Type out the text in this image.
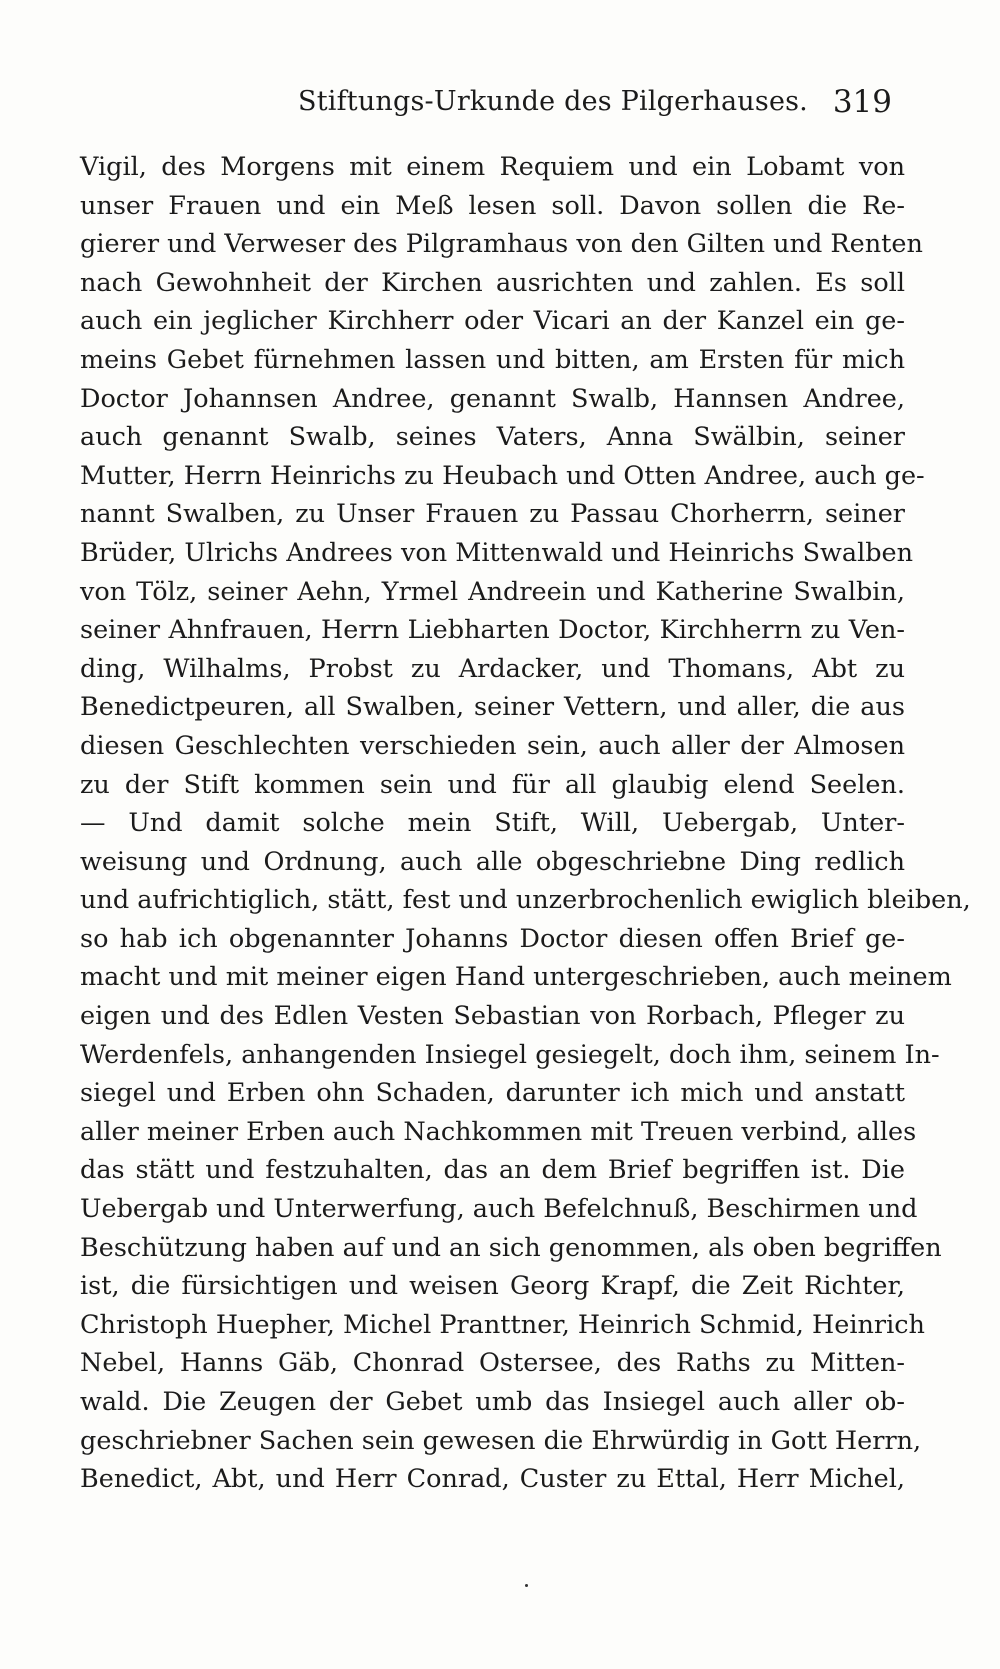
Stiftungs-Urkunde des Pilgerhauses. 319
Vigil, des Morgens mit einem Requiem und ein Lobamt von
unser Frauen und ein Meß lesen soll. Davon sollen die Re-
gierer und Verweser des Pilgramhaus von den Gilten und Renten
nach Gewohnheit der Kirchen ausrichten und zahlen. Es soll
auch ein jeglicher Kirchherr oder Vicari an der Kanzel ein ge-
meins Gebet fürnehmen lassen und bitten, am Ersten für mich
Doctor Johannsen Andree, genannt Swalb, Hannsen Andree,
auch genannt Swalb, seines Vaters, Anna Swälbin, seiner
Mutter, Herrn Heinrichs zu Heubach und Otten Andree, auch ge-
nannt Swalben, zu Unser Frauen zu Passau Chorherrn, seiner
Brüder, Ulrichs Andrees von Mittenwald und Heinrichs Swalben
von Tölz, seiner Aehn, Yrmel Andreein und Katherine Swalbin,
seiner Ahnfrauen, Herrn Liebharten Doctor, Kirchherrn zu Ven-
ding, Wilhalms, Probst zu Ardacker, und Thomans, Abt zu
Benedictpeuren, all Swalben, seiner Vettern, und aller, die aus
diesen Geschlechten verschieden sein, auch aller der Almosen
zu der Stift kommen sein und für all glaubig elend Seelen.
— Und damit solche mein Stift, Will, Uebergab, Unter-
weisung und Ordnung, auch alle obgeschriebne Ding redlich
und aufrichtiglich, stätt, fest und unzerbrochenlich ewiglich bleiben,
so hab ich obgenannter Johanns Doctor diesen offen Brief ge-
macht und mit meiner eigen Hand untergeschrieben, auch meinem
eigen und des Edlen Vesten Sebastian von Rorbach, Pfleger zu
Werdenfels, anhangenden Insiegel gesiegelt, doch ihm, seinem In-
siegel und Erben ohn Schaden, darunter ich mich und anstatt
aller meiner Erben auch Nachkommen mit Treuen verbind, alles
das stätt und festzuhalten, das an dem Brief begriffen ist. Die
Uebergab und Unterwerfung, auch Befelchnuß, Beschirmen und
Beschützung haben auf und an sich genommen, als oben begriffen
ist, die fürsichtigen und weisen Georg Krapf, die Zeit Richter,
Christoph Huepher, Michel Pranttner, Heinrich Schmid, Heinrich
Nebel, Hanns Gäb, Chonrad Ostersee, des Raths zu Mitten-
wald. Die Zeugen der Gebet umb das Insiegel auch aller ob-
geschriebner Sachen sein gewesen die Ehrwürdig in Gott Herrn,
Benedict, Abt, und Herr Conrad, Custer zu Ettal, Herr Michel,
